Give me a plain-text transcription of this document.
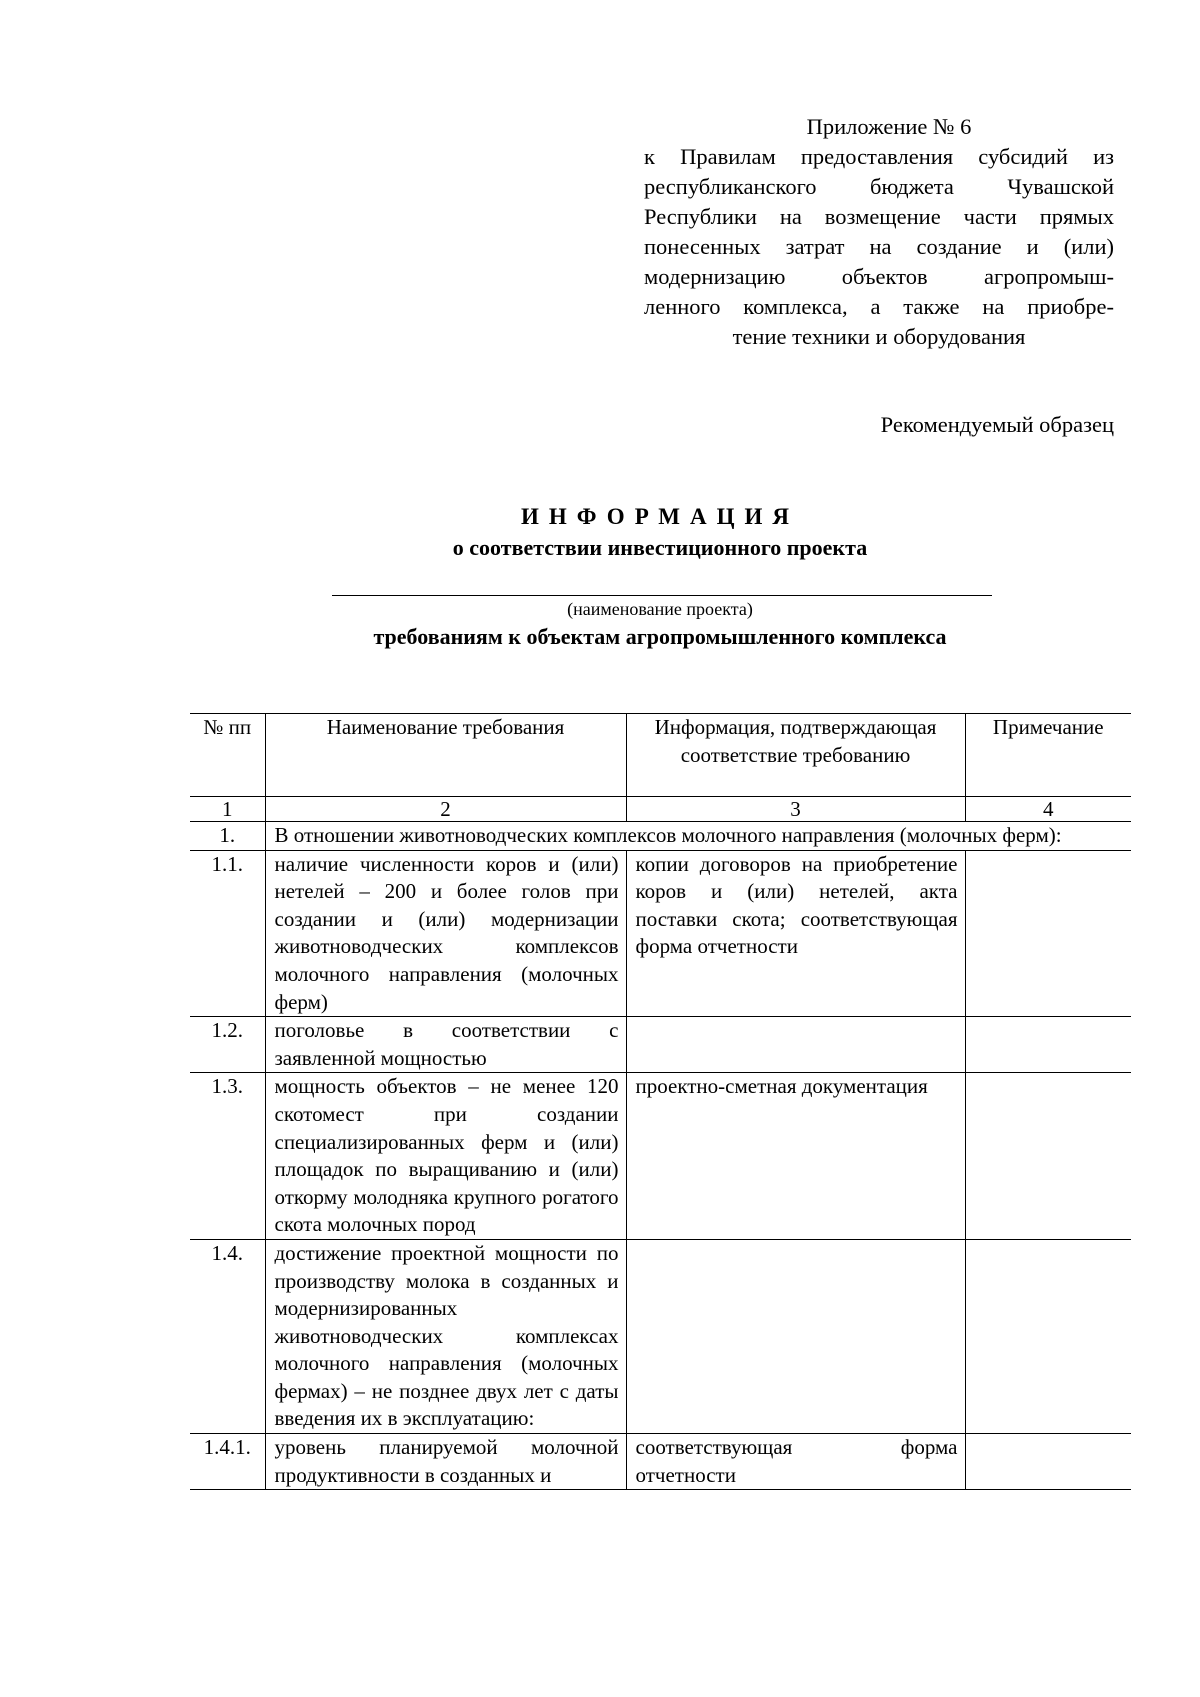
Приложение № 6
к Правилам предоставления субсидий из
республиканского бюджета Чувашской
Республики на возмещение части прямых
понесенных затрат на создание и (или)
модернизацию объектов агропромыш-
ленного комплекса, а также на приобре-
тение техники и оборудования
Рекомендуемый образец
ИНФОРМАЦИЯ
о соответствии инвестиционного проекта
(наименование проекта)
требованиям к объектам агропромышленного комплекса
№ пп	Наименование требования	Информация, подтверждающая соответствие требованию	Примечание
1	2	3	4
1.	В отношении животноводческих комплексов молочного направления (молочных ферм):		
1.1.	наличие численности коров и (или) нетелей – 200 и более голов при создании и (или) модернизации животноводческих комплексов молочного направления (молочных ферм)	копии договоров на приобретение коров и (или) нетелей, акта поставки скота; соответствующая форма отчетности	
1.2.	поголовье в соответствии с заявленной мощностью		
1.3.	мощность объектов – не менее 120 скотомест при создании специализированных ферм и (или) площадок по выращиванию и (или) откорму молодняка крупного рогатого скота молочных пород	проектно-сметная документация	
1.4.	достижение проектной мощности по производству молока в созданных и модернизированных животноводческих комплексах молочного направления (молочных фермах) – не позднее двух лет с даты введения их в эксплуатацию:		
1.4.1.	уровень планируемой молочной продуктивности в созданных и	соответствующая форма отчетности	
